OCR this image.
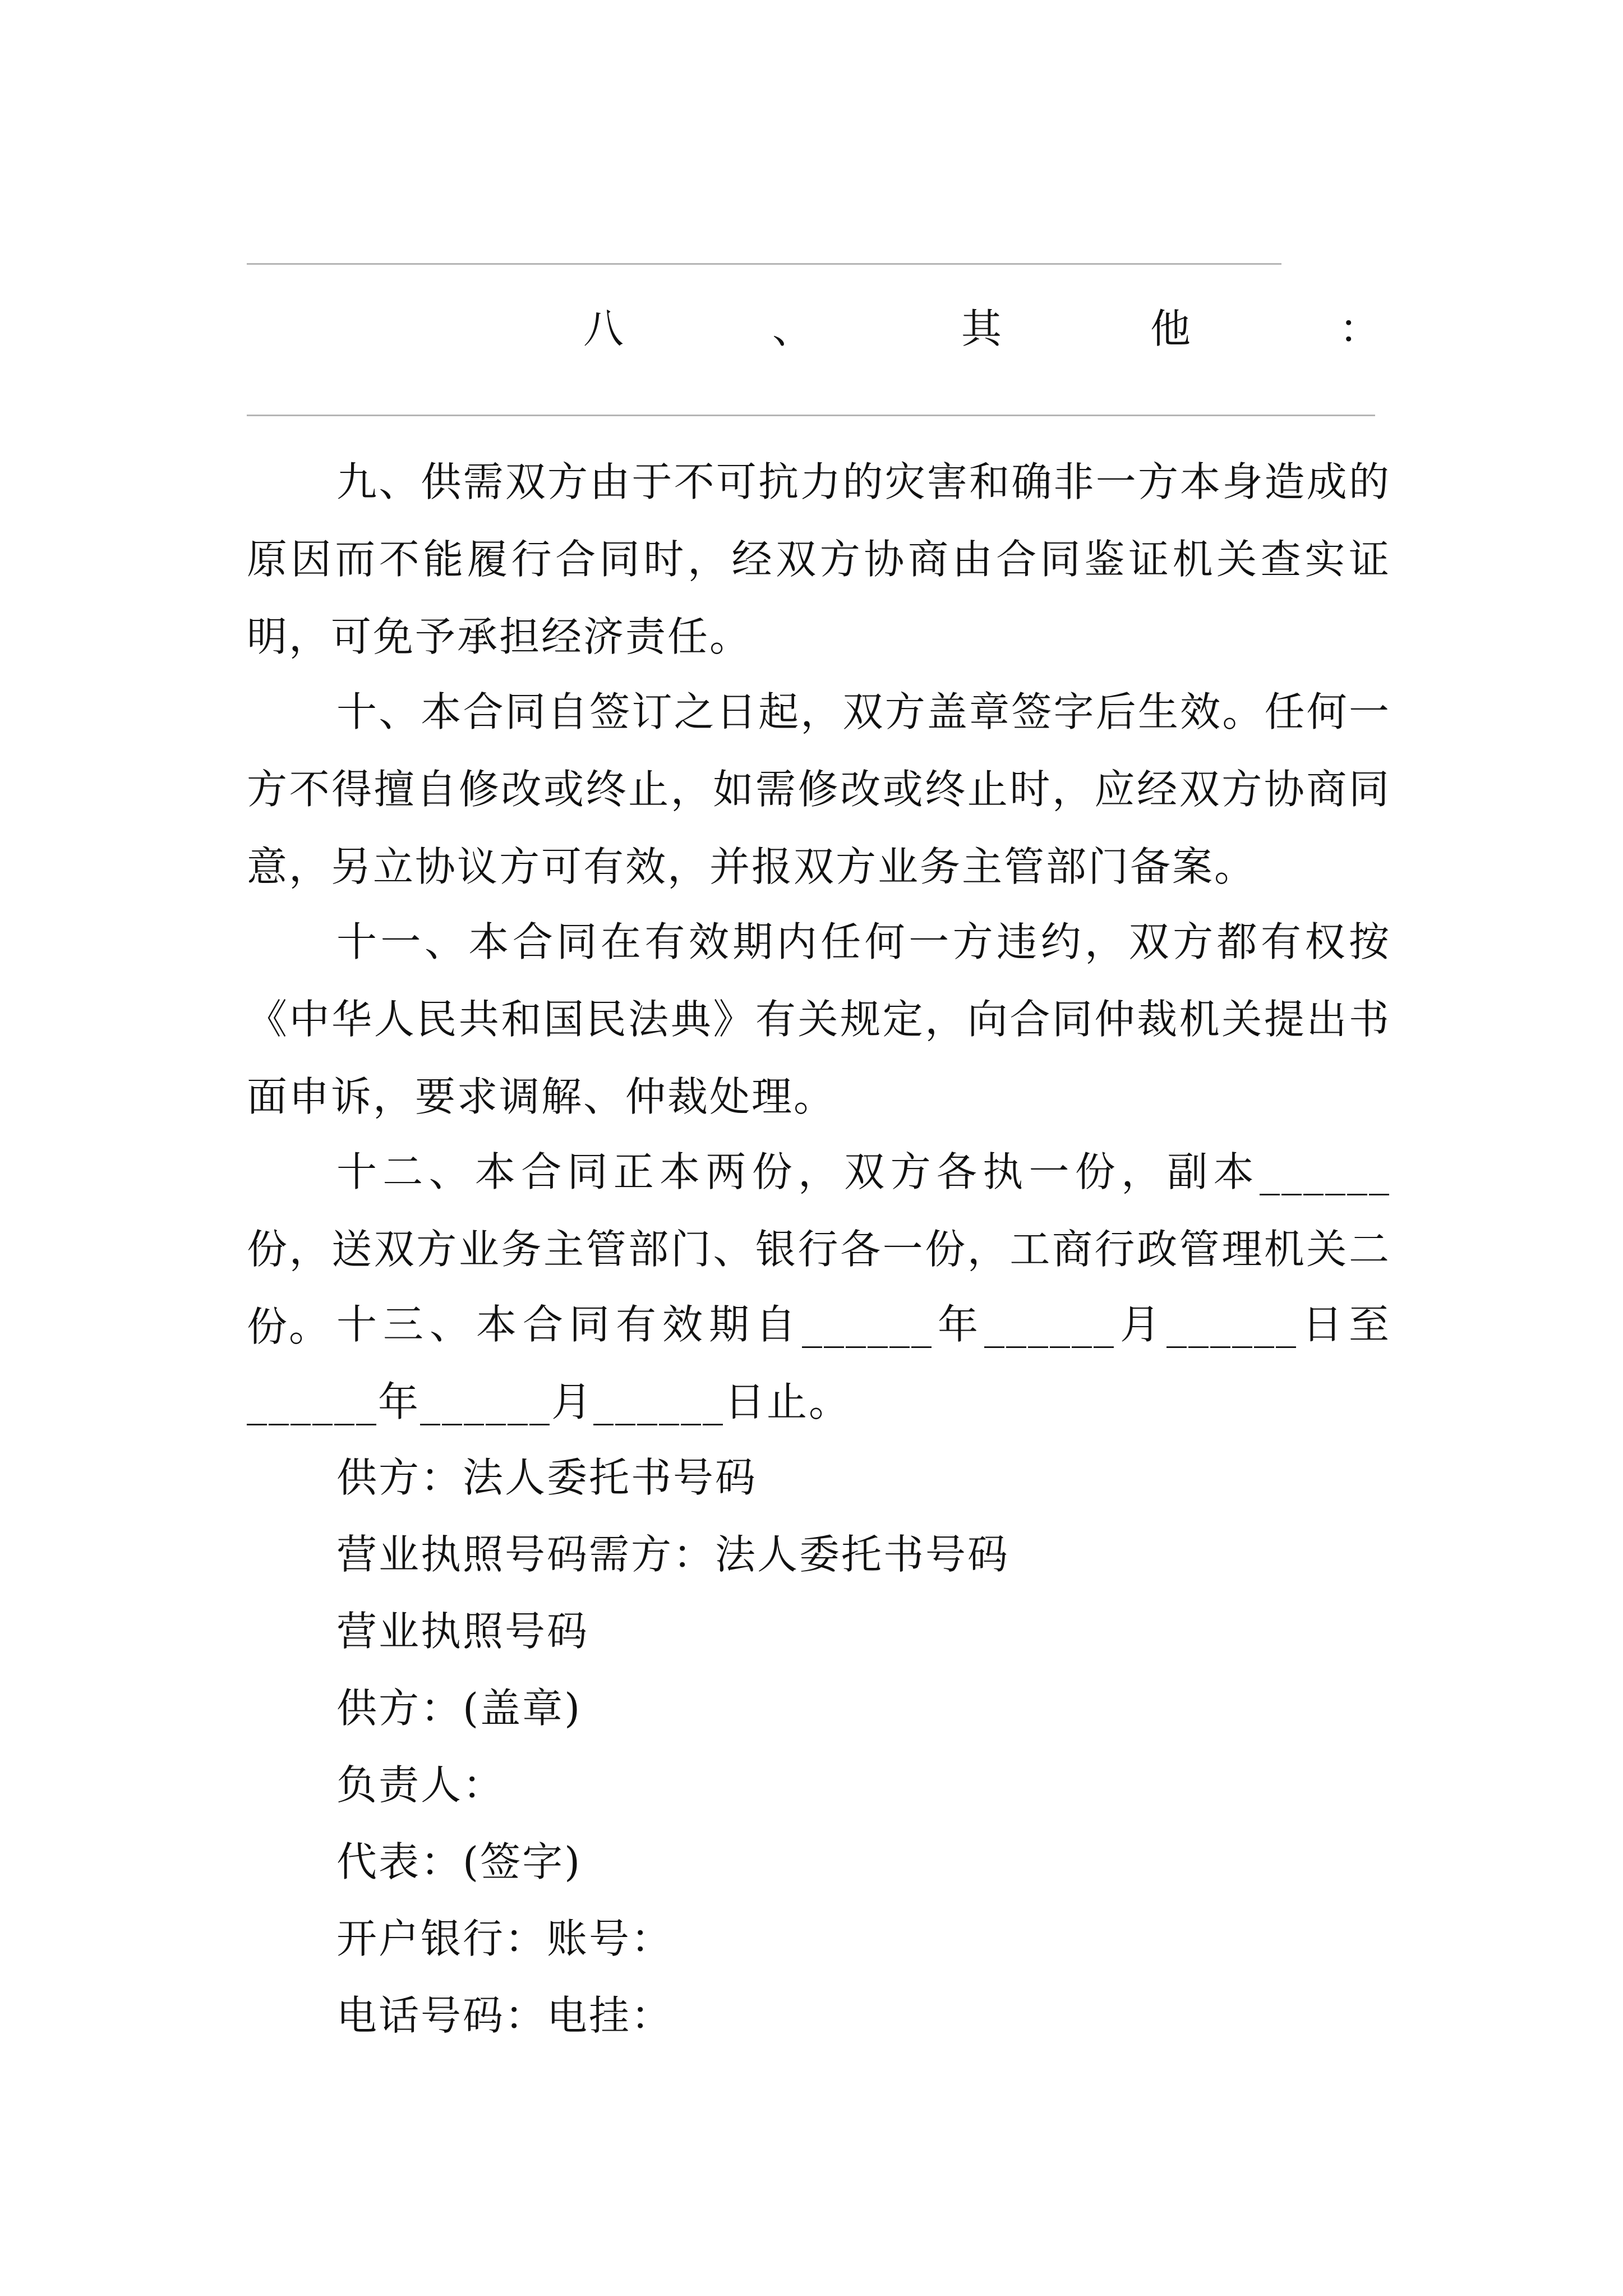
八	、	其	他	：

九、供需双方由于不可抗力的灾害和确非一方本身造成的原因而不能履行合同时，经双方协商由合同鉴证机关查实证明，可免予承担经济责任。

十、本合同自签订之日起，双方盖章签字后生效。任何一方不得擅自修改或终止，如需修改或终止时，应经双方协商同意，另立协议方可有效，并报双方业务主管部门备案。

十一、本合同在有效期内任何一方违约，双方都有权按《中华人民共和国民法典》有关规定，向合同仲裁机关提出书面申诉，要求调解、仲裁处理。

十二、本合同正本两份，双方各执一份，副本______份，送双方业务主管部门、银行各一份，工商行政管理机关二份。 十三、本合同有效期自______年______月______日至______年______月______日止。

供方：法人委托书号码
营业执照号码需方：法人委托书号码
营业执照号码
供方：(盖章)
负责人：
代表：(签字)
开户银行：账号：
电话号码：电挂：
